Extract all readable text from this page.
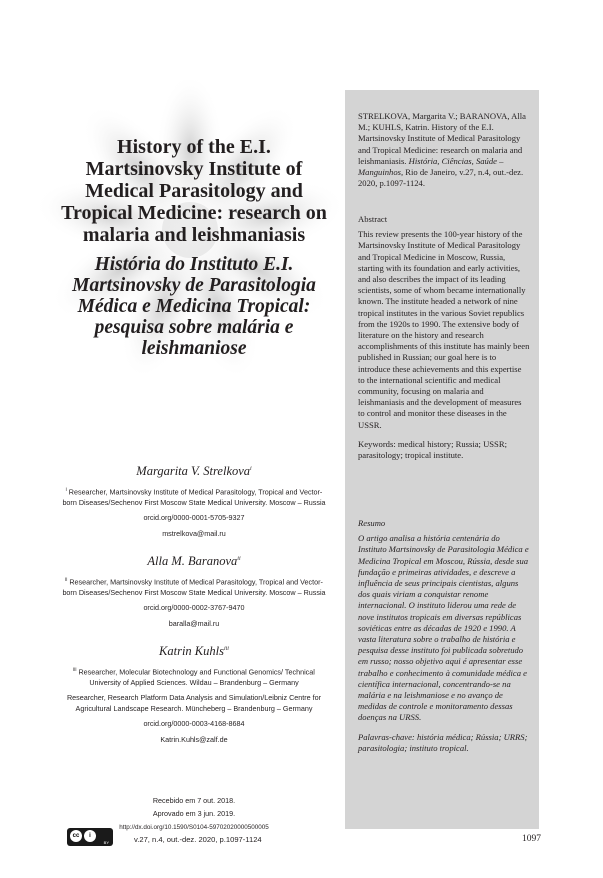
History of the E.I. Martsinovsky Institute of Medical Parasitology and Tropical Medicine: research on malaria and leishmaniasis
História do Instituto E.I. Martsinovsky de Parasitologia Médica e Medicina Tropical: pesquisa sobre malária e leishmaniose
Margarita V. Strelkova$^i$
$^i$ Researcher, Martsinovsky Institute of Medical Parasitology, Tropical and Vector-born Diseases/Sechenov First Moscow State Medical University. Moscow – Russia
orcid.org/0000-0001-5705-9327
mstrelkova@mail.ru
Alla M. Baranova$^{ii}$
$^{ii}$ Researcher, Martsinovsky Institute of Medical Parasitology, Tropical and Vector-born Diseases/Sechenov First Moscow State Medical University. Moscow – Russia
orcid.org/0000-0002-3767-9470
baralla@mail.ru
Katrin Kuhls$^{iii}$
$^{iii}$ Researcher, Molecular Biotechnology and Functional Genomics/ Technical University of Applied Sciences. Wildau – Brandenburg – Germany
Researcher, Research Platform Data Analysis and Simulation/Leibniz Centre for Agricultural Landscape Research. Müncheberg – Brandenburg – Germany
orcid.org/0000-0003-4168-8684
Katrin.Kuhls@zalf.de
Recebido em 7 out. 2018.
Aprovado em 3 jun. 2019.
http://dx.doi.org/10.1590/S0104-59702020000500005
STRELKOVA, Margarita V.; BARANOVA, Alla M.; KUHLS, Katrin. History of the E.I. Martsinovsky Institute of Medical Parasitology and Tropical Medicine: research on malaria and leishmaniasis. História, Ciências, Saúde – Manguinhos, Rio de Janeiro, v.27, n.4, out.-dez. 2020, p.1097-1124.

Abstract

This review presents the 100-year history of the Martsinovsky Institute of Medical Parasitology and Tropical Medicine in Moscow, Russia, starting with its foundation and early activities, and also describes the impact of its leading scientists, some of whom became internationally known. The institute headed a network of nine tropical institutes in the various Soviet republics from the 1920s to 1990. The extensive body of literature on the history and research accomplishments of this institute has mainly been published in Russian; our goal here is to introduce these achievements and this expertise to the international scientific and medical community, focusing on malaria and leishmaniasis and the development of measures to control and monitor these diseases in the USSR.

Keywords: medical history; Russia; USSR; parasitology; tropical institute.

Resumo

O artigo analisa a história centenária do Instituto Martsinovsky de Parasitologia Médica e Medicina Tropical em Moscou, Rússia, desde sua fundação e primeiras atividades, e descreve a influência de seus principais cientistas, alguns dos quais viriam a conquistar renome internacional. O instituto liderou uma rede de nove institutos tropicais em diversas repúblicas soviéticas entre as décadas de 1920 e 1990. A vasta literatura sobre o trabalho de história e pesquisa desse instituto foi publicada sobretudo em russo; nosso objetivo aqui é apresentar esse trabalho e conhecimento à comunidade médica e científica internacional, concentrando-se na malária e na leishmaniose e no avanço de medidas de controle e monitoramento dessas doenças na URSS.

Palavras-chave: história médica; Rússia; URRS; parasitologia; instituto tropical.

cc	i
BY	v.27, n.4, out.-dez. 2020, p.1097-1124	1097
